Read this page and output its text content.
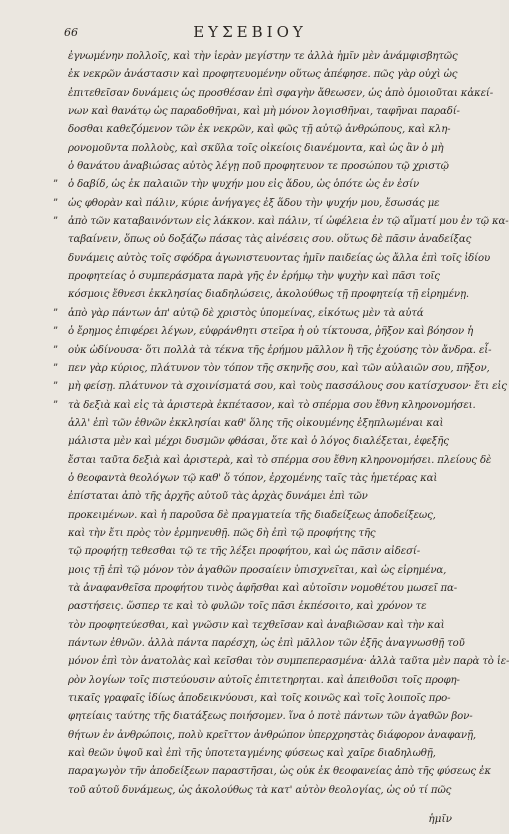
66	ΕΥΣΕΒΙΟΥ
ἐγνωμένην πολλοῖς, καὶ τὴν ἱερὰν μεγίστην τε ἀλλὰ ἡμῖν μὲν ἀνάμφισβητῶς
ἐκ νεκρῶν ἀνάστασιν καὶ προφητευομένην οὕτως ἀπέφησε. πῶς γὰρ οὐχὶ ὡς
ἐπιτεθεῖσαν δυνάμεις ὡς προσθέσαν ἐπὶ σφαγὴν ἄθεωσεν, ὡς ἀπὸ ὁμοιοῦται κἀκεί-
νων καὶ θανάτῳ ὡς παραδοθῆναι, καὶ μὴ μόνον λογισθῆναι, ταφῆναι παραδί-
δοσθαι καθεζόμενον τῶν ἐκ νεκρῶν, καὶ φῶς τῇ αὐτῷ ἀνθρώπους, καὶ κλη-
ρονομοῦντα πολλοὺς, καὶ σκῦλα τοῖς οἰκείοις διανέμοντα, καὶ ὡς ἂν ὁ μὴ
ὁ θανάτου ἀναβιώσας αὐτὸς λέγῃ ποῦ προφητευον τε προσώπου τῷ χριστῷ
” ὁ δαβίδ, ὡς ἐκ παλαιῶν τὴν ψυχήν μου εἰς ἅδου, ὡς ὁπότε ὡς ἐν ἐσίν
” ὡς φθορὰν καὶ πάλιν, κύριε ἀνήγαγες ἐξ ἅδου τὴν ψυχήν μου, ἔσωσάς με
” ἀπὸ τῶν καταβαινόντων εἰς λάκκον. καὶ πάλιν, τί ὠφέλεια ἐν τῷ αἵματί μου ἐν τῷ κα-
ταβαίνειν, ὅπως οὐ δοξάζω πάσας τὰς αἰνέσεις σου. οὕτως δὲ πᾶσιν ἀναδείξας
δυνάμεις αὐτὸς τοῖς σφόδρα ἀγωνιστευοντας ἡμῖν παιδείας ὡς ἄλλα ἐπὶ τοῖς ἰδίου
προφητείας ὁ συμπεράσματα παρὰ γῆς ἐν ἐρήμῳ τὴν ψυχὴν καὶ πᾶσι τοῖς
κόσμοις ἔθνεσι ἐκκλησίας διαδηλώσεις, ἀκολούθως τῇ προφητείᾳ τῇ εἰρημένῃ.
” ἀπὸ γὰρ πάντων ἀπ' αὐτῷ δὲ χριστὸς ὑπομείνας, εἰκότως μὲν τὰ αὐτά
” ὁ ἔρημος ἐπιφέρει λέγων, εὐφράνθητι στεῖρα ἡ οὐ τίκτουσα, ῥῆξον καὶ βόησον ἡ
” οὐκ ὠδίνουσα· ὅτι πολλὰ τὰ τέκνα τῆς ἐρήμου μᾶλλον ἢ τῆς ἐχούσης τὸν ἄνδρα. εἶ-
” πεν γὰρ κύριος, πλάτυνον τὸν τόπον τῆς σκηνῆς σου, καὶ τῶν αὐλαιῶν σου, πῆξον,
” μὴ φείσῃ. πλάτυνον τὰ σχοινίσματά σου, καὶ τοὺς πασσάλους σου κατίσχυσον· ἔτι εἰς
” τὰ δεξιὰ καὶ εἰς τὰ ἀριστερὰ ἐκπέτασον, καὶ τὸ σπέρμα σου ἔθνη κληρονομήσει.
ἀλλ' ἐπὶ τῶν ἐθνῶν ἐκκλησίαι καθ' ὅλης τῆς οἰκουμένης ἐξηπλωμέναι καὶ
μάλιστα μὲν καὶ μέχρι δυσμῶν φθάσαι, ὅτε καὶ ὁ λόγος διαλέξεται, ἐφεξῆς
ἔσται ταῦτα δεξιὰ καὶ ἀριστερὰ, καὶ τὸ σπέρμα σου ἔθνη κληρονομήσει. πλείους δὲ
ὁ θεοφαντὰ θεολόγων τῷ καθ' ὅ τόπον, ἐρχομένης ταῖς τὰς ἡμετέρας καὶ
ἐπίσταται ἀπὸ τῆς ἀρχῆς αὐτοῦ τὰς ἀρχὰς δυνάμει ἐπὶ τῶν
προκειμένων. καὶ ἡ παροῦσα δὲ πραγματεία τῆς διαδείξεως ἀποδείξεως,
καὶ τὴν ἔτι πρὸς τὸν ἑρμηνευθῇ. πῶς δὴ ἐπὶ τῷ προφήτης τῆς
τῷ προφήτῃ τεθεσθαι τῷ τε τῆς λέξει προφήτου, καὶ ὡς πᾶσιν αἰδεσί-
μοις τῇ ἐπὶ τῷ μόνον τὸν ἀγαθῶν προσαίειν ὑπισχνεῖται, καὶ ὡς εἰρημένα,
τὰ ἀναφανθεῖσα προφήτου τινὸς ἀφῆσθαι καὶ αὐτοῖσιν νομοθέτου μωσεῖ πα-
ραστήσεις. ὥσπερ τε καὶ τὸ φυλῶν τοῖς πᾶσι ἐκπέσοιτο, καὶ χρόνον τε
τὸν προφητεύεσθαι, καὶ γνῶσιν καὶ τεχθεῖσαν καὶ ἀναβιῶσαν καὶ τὴν καὶ
πάντων ἐθνῶν. ἀλλὰ πάντα παρέσχη, ὡς ἐπὶ μᾶλλον τῶν ἐξῆς ἀναγνωσθῇ τοῦ
μόνον ἐπὶ τὸν ἀνατολὰς καὶ κεῖσθαι τὸν συμπεπερασμένα· ἀλλὰ ταῦτα μὲν παρὰ τὸ ἱε-
ρὸν λογίων τοῖς πιστεύουσιν αὐτοῖς ἐπιτετηρηται. καὶ ἀπειθοῦσι τοῖς προφη-
τικαῖς γραφαῖς ἰδίως ἀποδεικνύουσι, καὶ τοῖς κοινῶς καὶ τοῖς λοιποῖς προ-
φητείαις ταύτης τῆς διατάξεως ποιήσομεν. ἵνα ὁ ποτὲ πάντων τῶν ἀγαθῶν βον-
θήτων ἐν ἀνθρώποις, πολὺ κρεῖττον ἀνθρώπον ὑπερχρηστὰς διάφορον ἀναφανῇ,
καὶ θεῶν ὑψοῦ καὶ ἐπὶ τῆς ὑποτεταγμένης φύσεως καὶ χαῖρε διαδηλωθῇ,
παραγωγὸν τῆν ἀποδείξεων παραστῆσαι, ὡς οὐκ ἐκ θεοφανείας ἀπὸ τῆς φύσεως ἐκ
τοῦ αὐτοῦ δυνάμεως, ὡς ἀκολούθως τὰ κατ' αὐτὸν θεολογίας, ὡς οὐ τί πῶς
ἡμῖν
